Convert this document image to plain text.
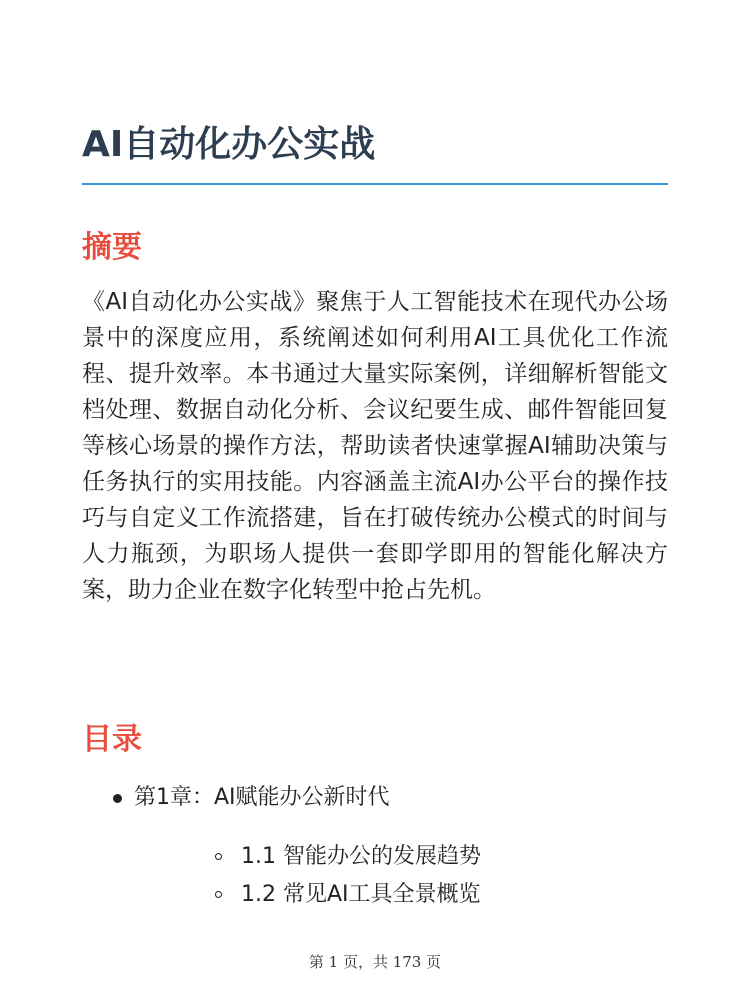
AI自动化办公实战
摘要

《AI自动化办公实战》聚焦于人工智能技术在现代办公场景中的深度应用，系统阐述如何利用AI工具优化工作流程、提升效率。本书通过大量实际案例，详细解析智能文档处理、数据自动化分析、会议纪要生成、邮件智能回复等核心场景的操作方法，帮助读者快速掌握AI辅助决策与任务执行的实用技能。内容涵盖主流AI办公平台的操作技巧与自定义工作流搭建，旨在打破传统办公模式的时间与人力瓶颈，为职场人提供一套即学即用的智能化解决方案，助力企业在数字化转型中抢占先机。

目录
第1章：AI赋能办公新时代
1.1 智能办公的发展趋势
1.2 常见AI工具全景概览
第 1 页，共 173 页
